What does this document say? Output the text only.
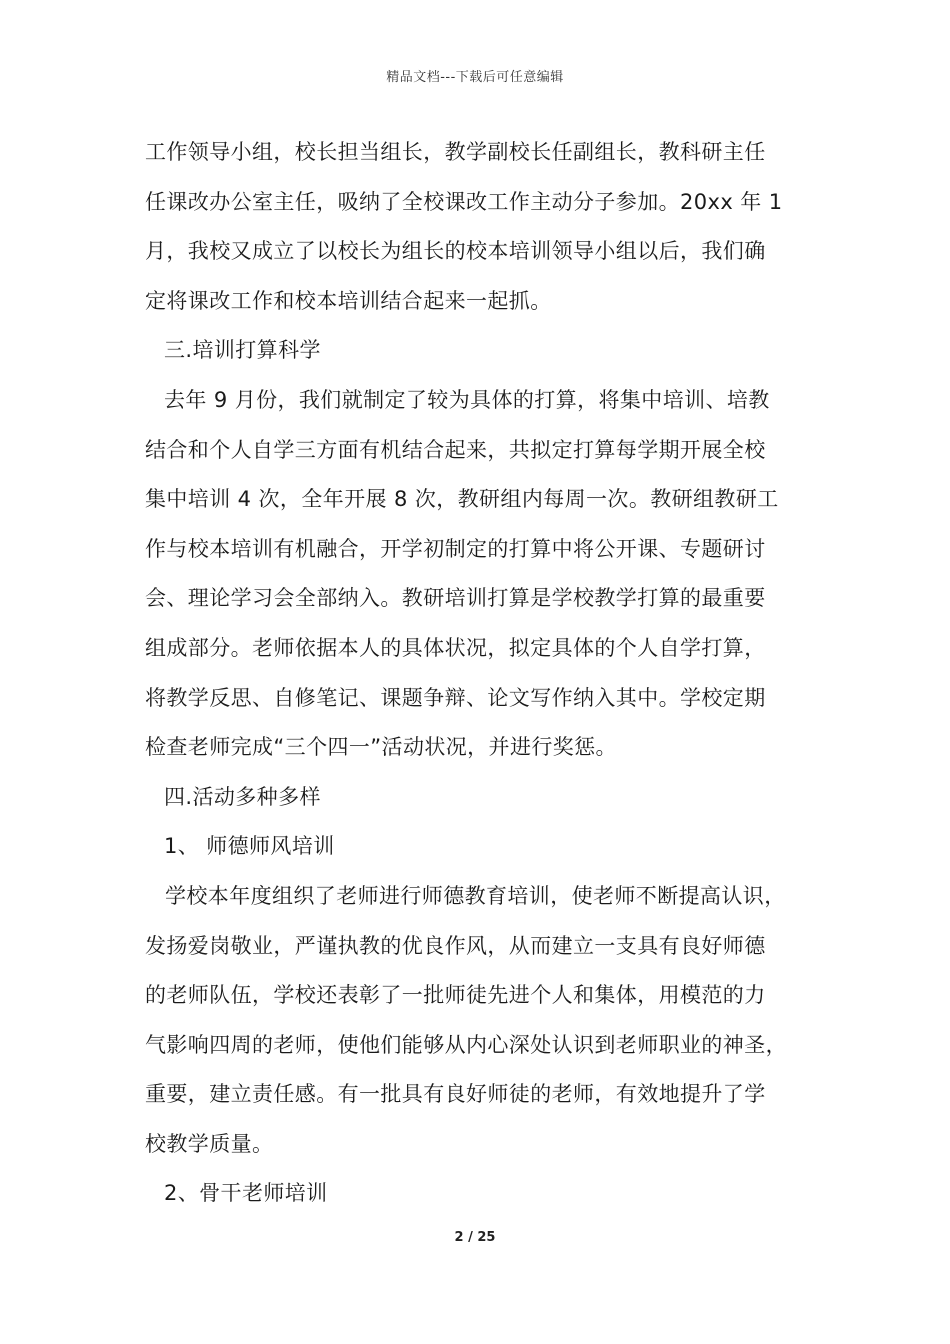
精品文档---下载后可任意编辑
工作领导小组，校长担当组长，教学副校长任副组长，教科研主任
任课改办公室主任，吸纳了全校课改工作主动分子参加。20xx 年 1
月，我校又成立了以校长为组长的校本培训领导小组以后，我们确
定将课改工作和校本培训结合起来一起抓。
三.培训打算科学
去年 9 月份，我们就制定了较为具体的打算，将集中培训、培教
结合和个人自学三方面有机结合起来，共拟定打算每学期开展全校
集中培训 4 次，全年开展 8 次，教研组内每周一次。教研组教研工
作与校本培训有机融合，开学初制定的打算中将公开课、专题研讨
会、理论学习会全部纳入。教研培训打算是学校教学打算的最重要
组成部分。老师依据本人的具体状况，拟定具体的个人自学打算，
将教学反思、自修笔记、课题争辩、论文写作纳入其中。学校定期
检查老师完成“三个四一”活动状况，并进行奖惩。
四.活动多种多样
1、 师德师风培训
学校本年度组织了老师进行师德教育培训，使老师不断提高认识，
发扬爱岗敬业，严谨执教的优良作风，从而建立一支具有良好师德
的老师队伍，学校还表彰了一批师徒先进个人和集体，用模范的力
气影响四周的老师，使他们能够从内心深处认识到老师职业的神圣，
重要，建立责任感。有一批具有良好师徒的老师，有效地提升了学
校教学质量。
2、骨干老师培训
2 / 25
